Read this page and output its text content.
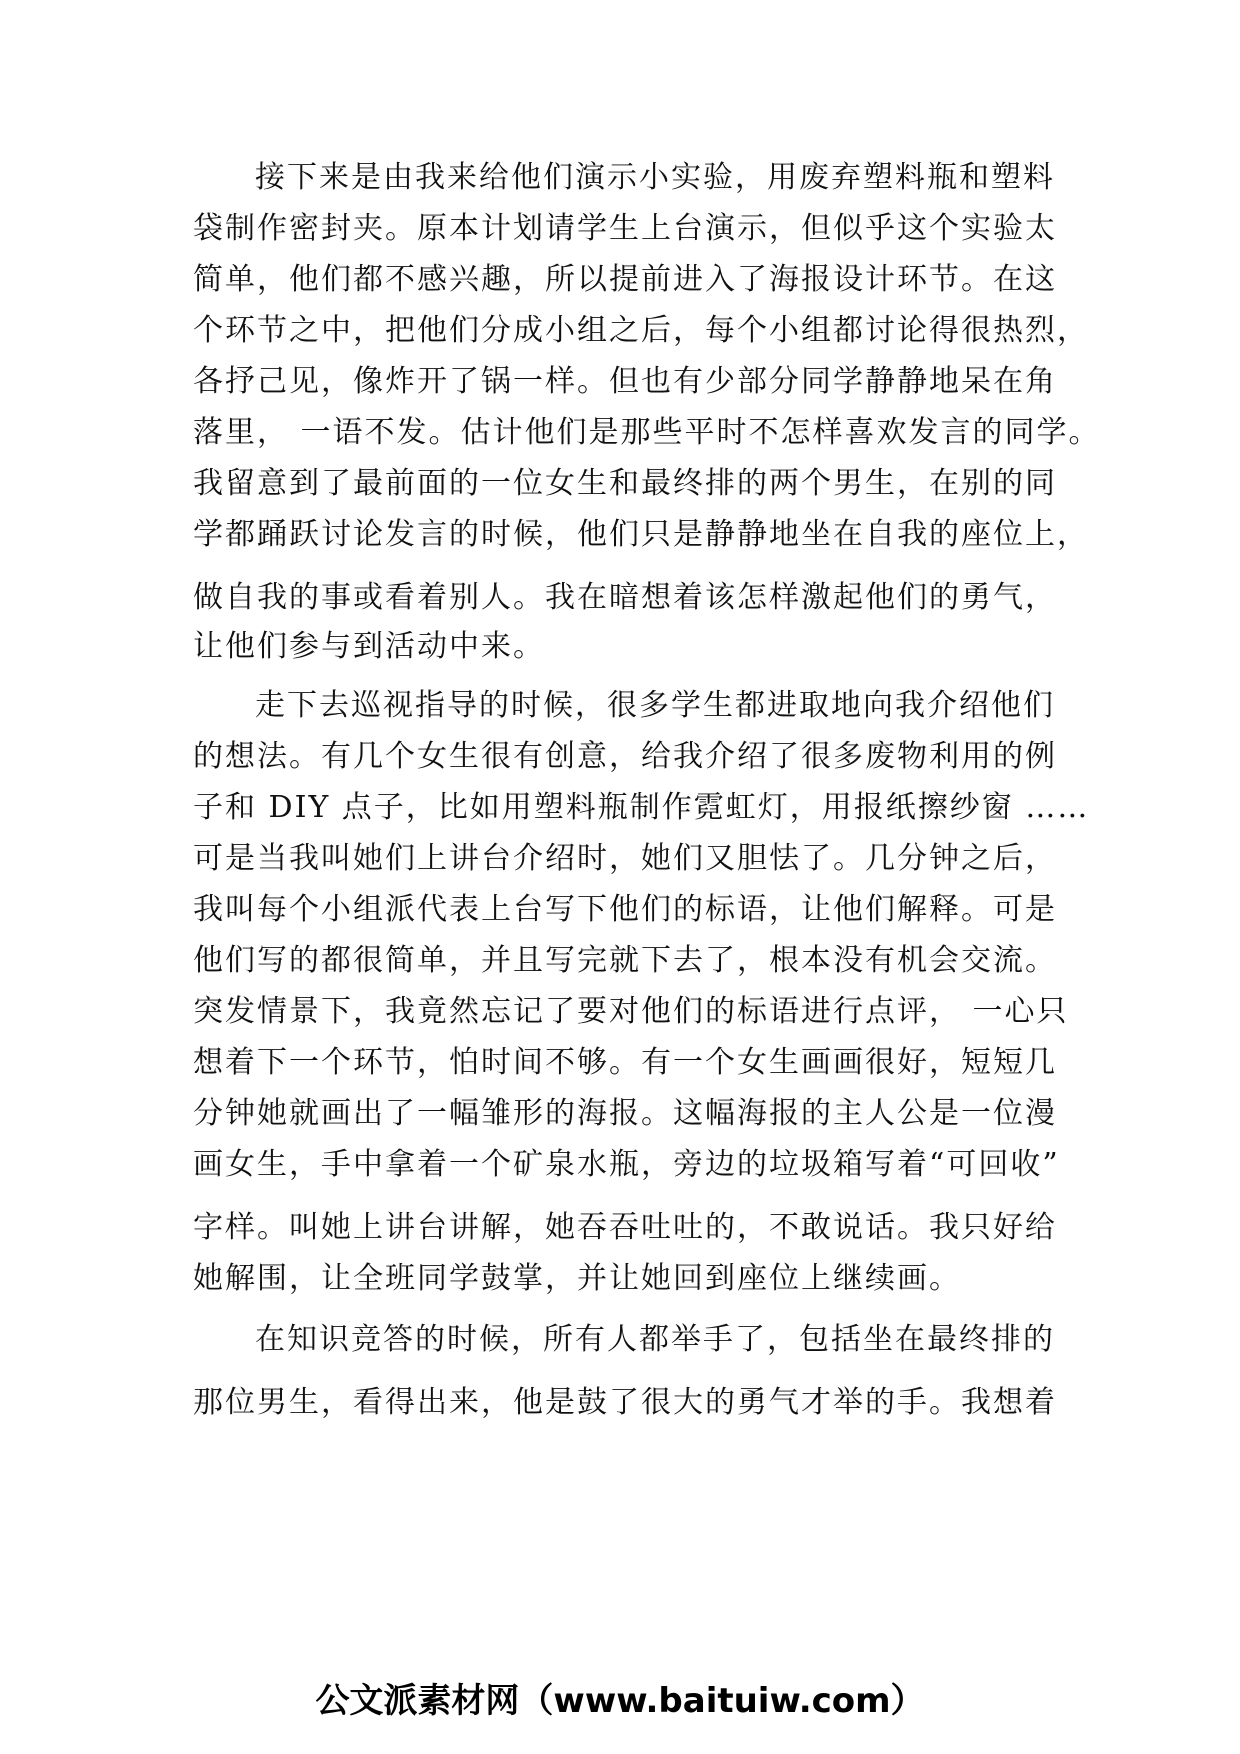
接下来是由我来给他们演示小实验，用废弃塑料瓶和塑料
袋制作密封夹。原本计划请学生上台演示，但似乎这个实验太
简单，他们都不感兴趣，所以提前进入了海报设计环节。在这
个环节之中，把他们分成小组之后，每个小组都讨论得很热烈，
各抒己见，像炸开了锅一样。但也有少部分同学静静地呆在角
落里， 一语不发。估计他们是那些平时不怎样喜欢发言的同学。
我留意到了最前面的一位女生和最终排的两个男生，在别的同
学都踊跃讨论发言的时候，他们只是静静地坐在自我的座位上，
做自我的事或看着别人。我在暗想着该怎样激起他们的勇气，
让他们参与到活动中来。
走下去巡视指导的时候，很多学生都进取地向我介绍他们
的想法。有几个女生很有创意，给我介绍了很多废物利用的例
子和 DIY 点子，比如用塑料瓶制作霓虹灯，用报纸擦纱窗 ……
可是当我叫她们上讲台介绍时，她们又胆怯了。几分钟之后，
我叫每个小组派代表上台写下他们的标语，让他们解释。可是
他们写的都很简单，并且写完就下去了，根本没有机会交流。
突发情景下，我竟然忘记了要对他们的标语进行点评， 一心只
想着下一个环节，怕时间不够。有一个女生画画很好，短短几
分钟她就画出了一幅雏形的海报。这幅海报的主人公是一位漫
画女生，手中拿着一个矿泉水瓶，旁边的垃圾箱写着“可回收”
字样。叫她上讲台讲解，她吞吞吐吐的，不敢说话。我只好给
她解围，让全班同学鼓掌，并让她回到座位上继续画。
在知识竞答的时候，所有人都举手了，包括坐在最终排的
那位男生，看得出来，他是鼓了很大的勇气才举的手。我想着
公文派素材网（www.baituiw.com）
